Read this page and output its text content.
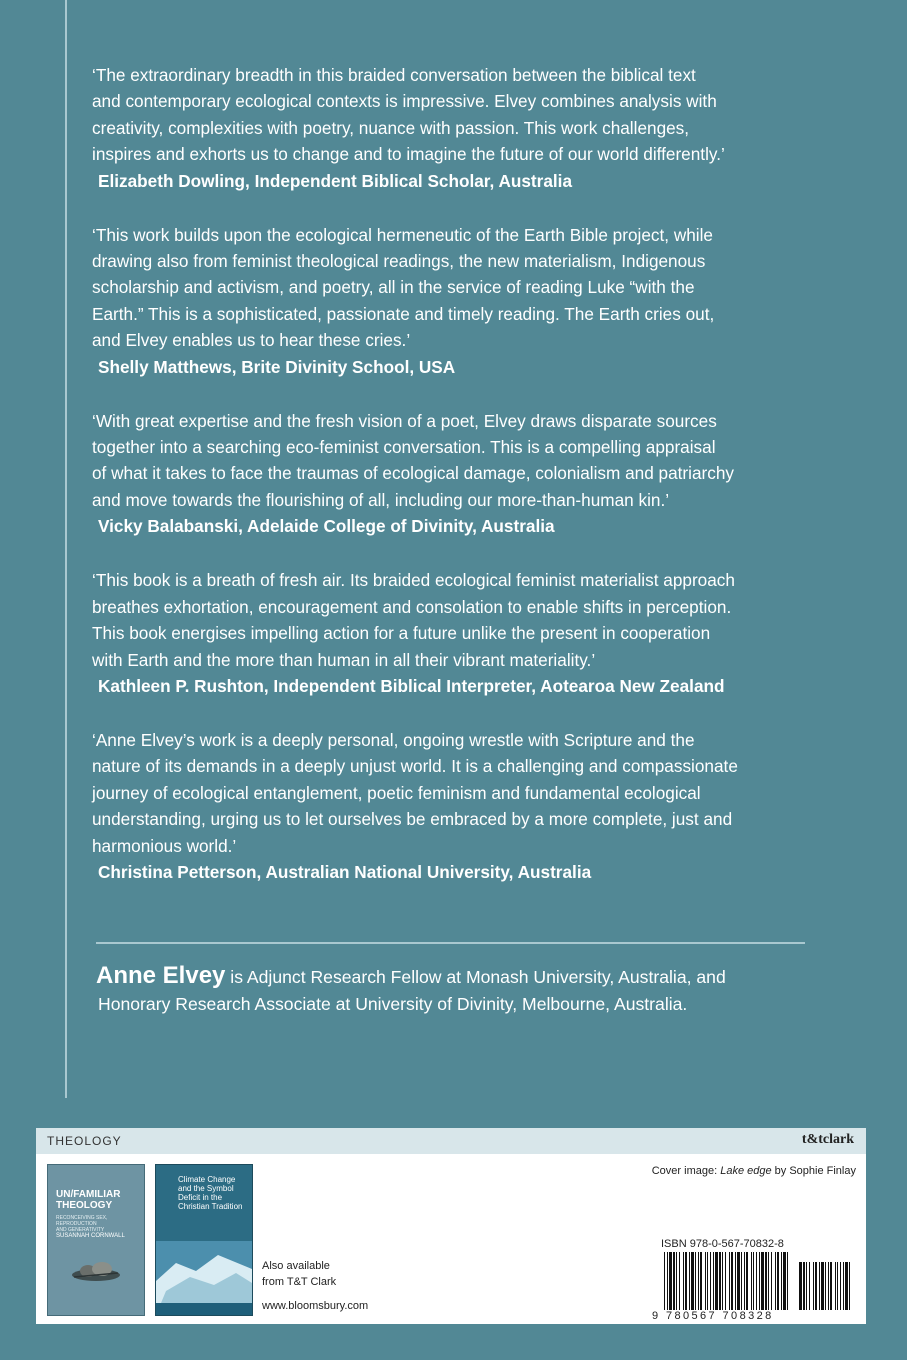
‘The extraordinary breadth in this braided conversation between the biblical text
and contemporary ecological contexts is impressive. Elvey combines analysis with
creativity, complexities with poetry, nuance with passion. This work challenges,
inspires and exhorts us to change and to imagine the future of our world differently.’

Elizabeth Dowling, Independent Biblical Scholar, Australia

‘This work builds upon the ecological hermeneutic of the Earth Bible project, while
drawing also from feminist theological readings, the new materialism, Indigenous
scholarship and activism, and poetry, all in the service of reading Luke “with the
Earth.” This is a sophisticated, passionate and timely reading. The Earth cries out,
and Elvey enables us to hear these cries.’

Shelly Matthews, Brite Divinity School, USA

‘With great expertise and the fresh vision of a poet, Elvey draws disparate sources
together into a searching eco-feminist conversation. This is a compelling appraisal
of what it takes to face the traumas of ecological damage, colonialism and patriarchy
and move towards the flourishing of all, including our more-than-human kin.’

Vicky Balabanski, Adelaide College of Divinity, Australia

‘This book is a breath of fresh air. Its braided ecological feminist materialist approach
breathes exhortation, encouragement and consolation to enable shifts in perception.
This book energises impelling action for a future unlike the present in cooperation
with Earth and the more than human in all their vibrant materiality.’

Kathleen P. Rushton, Independent Biblical Interpreter, Aotearoa New Zealand

‘Anne Elvey’s work is a deeply personal, ongoing wrestle with Scripture and the
nature of its demands in a deeply unjust world. It is a challenging and compassionate
journey of ecological entanglement, poetic feminism and fundamental ecological
understanding, urging us to let ourselves be embraced by a more complete, just and
harmonious world.’

Christina Petterson, Australian National University, Australia

Anne Elvey is Adjunct Research Fellow at Monash University, Australia, and
Honorary Research Associate at University of Divinity, Melbourne, Australia.
THEOLOGY	t&tclark
UN/FAMILIAR
THEOLOGY
RECONCEIVING SEX,
REPRODUCTION
AND GENERATIVITY
SUSANNAH CORNWALL
Climate Change
and the Symbol
Deficit in the
Christian Tradition
Also available
from T&T Clark
www.bloomsbury.com
Cover image: Lake edge by Sophie Finlay
ISBN 978-0-567-70832-8
9 780567 708328
